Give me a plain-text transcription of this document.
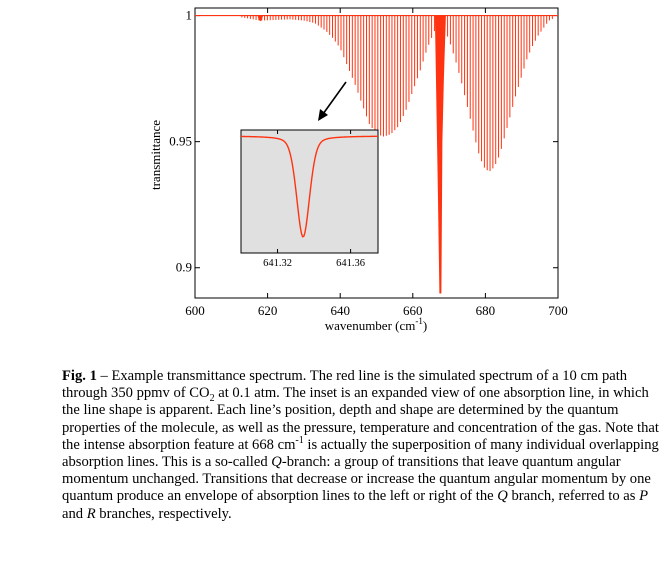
600	620	640	660	680	700
1
0.95
0.9
transmittance
wavenumber $(cm^{-1})$
641.32	641.36

Fig. 1 – Example transmittance spectrum. The red line is the simulated spectrum of a 10 cm path through 350 ppmv of $CO_2$ at 0.1 atm. The inset is an expanded view of one absorption line, in which the line shape is apparent. Each line’s position, depth and shape are determined by the quantum properties of the molecule, as well as the pressure, temperature and concentration of the gas. Note that the intense absorption feature at 668 $cm^{-1}$ is actually the superposition of many individual overlapping absorption lines. This is a so-called Q-branch: a group of transitions that leave quantum angular momentum unchanged. Transitions that decrease or increase the quantum angular momentum by one quantum produce an envelope of absorption lines to the left or right of the Q branch, referred to as P and R branches, respectively.
